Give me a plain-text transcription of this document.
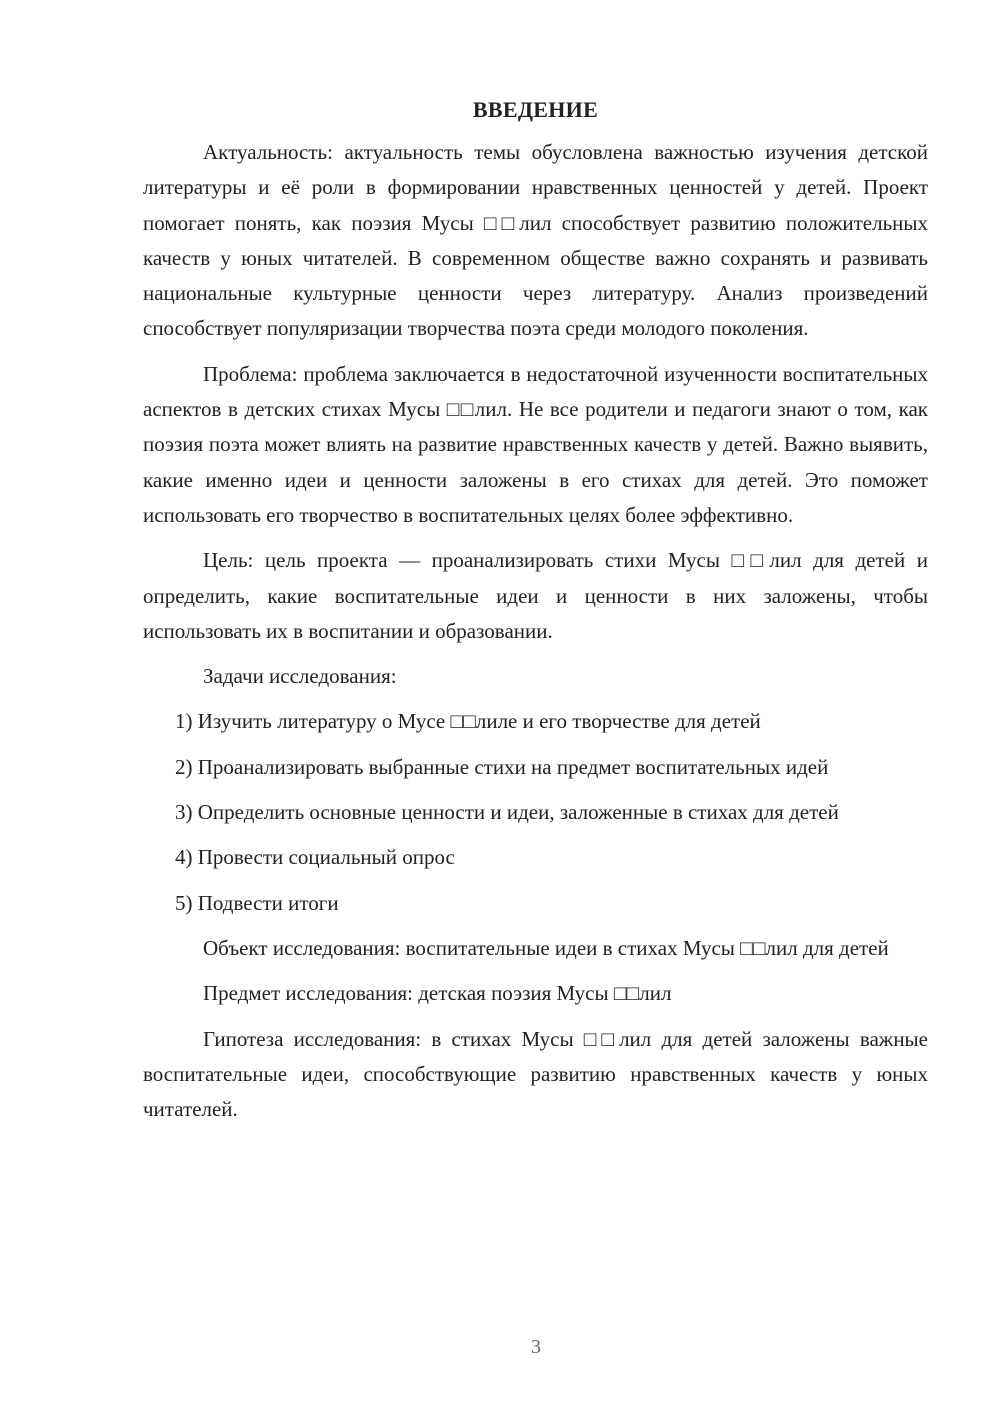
ВВЕДЕНИЕ

Актуальность: актуальность темы обусловлена важностью изучения детской литературы и её роли в формировании нравственных ценностей у детей. Проект помогает понять, как поэзия Мусы □□лил способствует развитию положительных качеств у юных читателей. В современном обществе важно сохранять и развивать национальные культурные ценности через литературу. Анализ произведений способствует популяризации творчества поэта среди молодого поколения.

Проблема: проблема заключается в недостаточной изученности воспитательных аспектов в детских стихах Мусы □□лил. Не все родители и педагоги знают о том, как поэзия поэта может влиять на развитие нравственных качеств у детей. Важно выявить, какие именно идеи и ценности заложены в его стихах для детей. Это поможет использовать его творчество в воспитательных целях более эффективно.

Цель: цель проекта — проанализировать стихи Мусы □□лил для детей и определить, какие воспитательные идеи и ценности в них заложены, чтобы использовать их в воспитании и образовании.

Задачи исследования:

1) Изучить литературу о Мусе □□лиле и его творчестве для детей

2) Проанализировать выбранные стихи на предмет воспитательных идей

3) Определить основные ценности и идеи, заложенные в стихах для детей

4) Провести социальный опрос

5) Подвести итоги

Объект исследования: воспитательные идеи в стихах Мусы □□лил для детей

Предмет исследования: детская поэзия Мусы □□лил

Гипотеза исследования: в стихах Мусы □□лил для детей заложены важные воспитательные идеи, способствующие развитию нравственных качеств у юных читателей.

3
